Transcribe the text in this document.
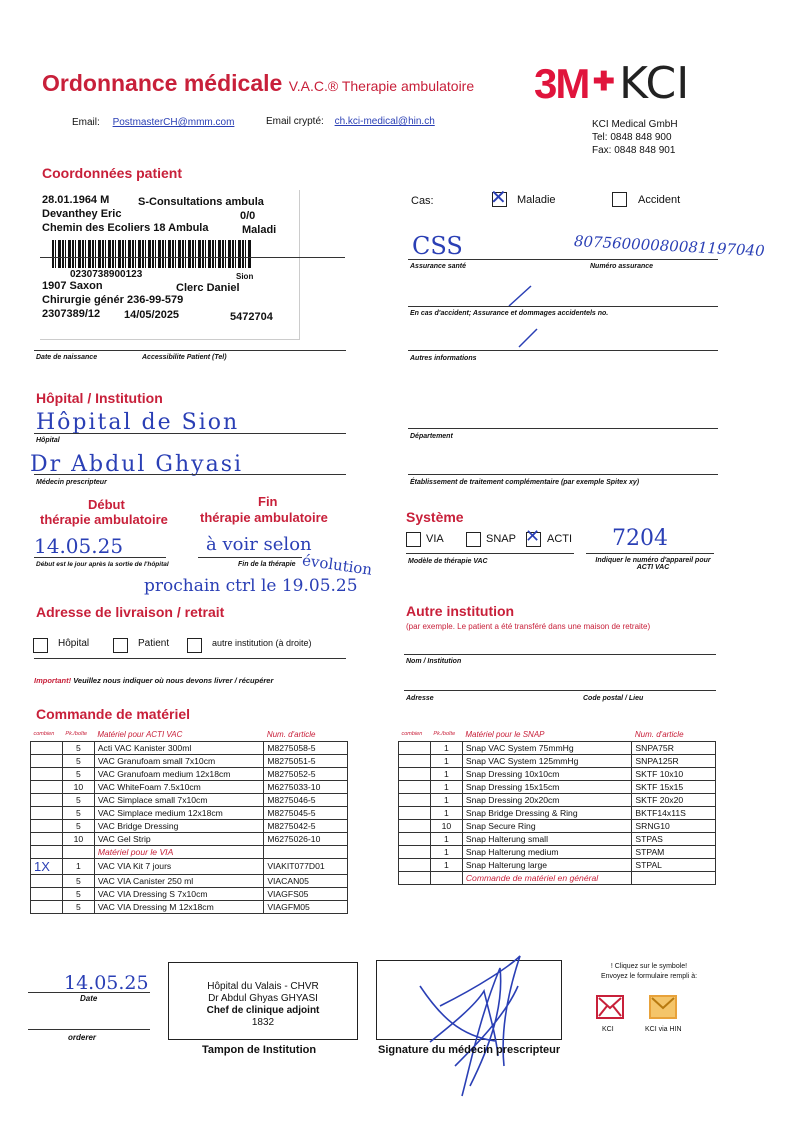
Ordonnance médicale V.A.C.® Therapie ambulatoire 3M ✚ KCI
Email: PostmasterCH@mmm.com	Email crypté: ch.kci-medical@hin.ch	KCI Medical GmbH
Tel: 0848 848 900
Fax: 0848 848 901
Coordonnées patient
28.01.1964 M	S-Consultations ambula
Devanthey Eric	0/0
Chemin des Ecoliers 18 Ambula	Maladi
0230738900123	Sion
1907 Saxon	Clerc Daniel
Chirurgie génér 236-99-579
2307389/12 14/05/2025	5472704
Date de naissance	Accessibilite Patient (Tel)
Cas:	✕ Maladie	Accident
CSS	80756000080081197040
Assurance santé	Numéro assurance
En cas d'accident; Assurance et dommages accidentels no.
Autres informations
Hôpital / Institution
Hôpital de Sion
Hôpital
Dr Abdul Ghyasi
Médecin prescripteur
Département
Établissement de traitement complémentaire (par exemple Spitex xy)
Début
thérapie ambulatoire
Fin
thérapie ambulatoire
14.05.25	à voir selon
évolution
Début est le jour après la sortie de l'hôpital	Fin de la thérapie
prochain ctrl le 19.05.25
Système
VIA	SNAP ✕ ACTI 7204
Modèle de thérapie VAC	Indiquer le numéro d'appareil pour ACTI VAC
Adresse de livraison / retrait
Hôpital	Patient	autre institution (à droite)
Important! Veuillez nous indiquer où nous devons livrer / récupérer
Autre institution
(par exemple. Le patient a été transféré dans une maison de retraite)
Nom / Institution
Adresse	Code postal / Lieu
Commande de matériel
combien	Pk./boîte	Matériel pour ACTI VAC	Num. d'article
	5	Acti VAC Kanister 300ml	M8275058-5
	5	VAC Granufoam small 7x10cm	M8275051-5
	5	VAC Granufoam medium 12x18cm	M8275052-5
	10	VAC WhiteFoam 7.5x10cm	M6275033-10
	5	VAC Simplace small 7x10cm	M8275046-5
	5	VAC Simplace medium 12x18cm	M8275045-5
	5	VAC Bridge Dressing	M8275042-5
	10	VAC Gel Strip	M6275026-10
		Matériel pour le VIA	
1X	1	VAC VIA Kit 7 jours	VIAKIT077D01
	5	VAC VIA Canister 250 ml	VIACAN05
	5	VAC VIA Dressing S 7x10cm	VIAGFS05
	5	VAC VIA Dressing M 12x18cm	VIAGFM05
combien	Pk./boîte	Matériel pour le SNAP	Num. d'article
	1	Snap VAC System 75mmHg	SNPA75R
	1	Snap VAC System 125mmHg	SNPA125R
	1	Snap Dressing 10x10cm	SKTF 10x10
	1	Snap Dressing 15x15cm	SKTF 15x15
	1	Snap Dressing 20x20cm	SKTF 20x20
	1	Snap Bridge Dressing & Ring	BKTF14x11S
	10	Snap Secure Ring	SRNG10
	1	Snap Halterung small	STPAS
	1	Snap Halterung medium	STPAM
	1	Snap Halterung large	STPAL
		Commande de matériel en général	
14.05.25
Date
orderer
Hôpital du Valais - CHVR
Dr Abdul Ghyas GHYASI
Chef de clinique adjoint
1832
Tampon de Institution	Signature du médecin prescripteur
! Cliquez sur le symbole!
Envoyez le formulaire rempli à:
KCI	KCI via HIN
